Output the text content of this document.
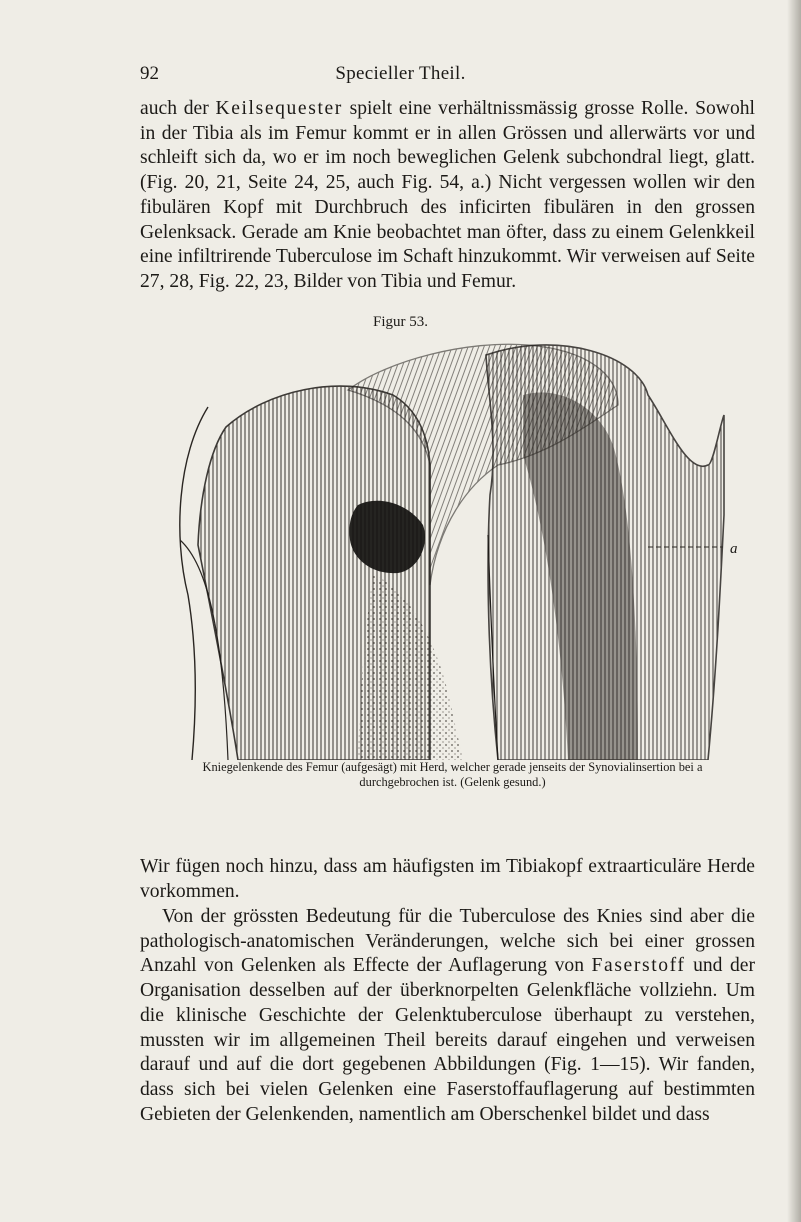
92	Specieller Theil.

auch der Keilsequester spielt eine verhältnissmässig grosse Rolle. Sowohl in der Tibia als im Femur kommt er in allen Grössen und allerwärts vor und schleift sich da, wo er im noch beweglichen Gelenk subchondral liegt, glatt. (Fig. 20, 21, Seite 24, 25, auch Fig. 54, a.) Nicht vergessen wollen wir den fibulären Kopf mit Durchbruch des inficirten fibulären in den grossen Gelenksack. Gerade am Knie beobachtet man öfter, dass zu einem Gelenkkeil eine infiltrirende Tuberculose im Schaft hinzukommt. Wir verweisen auf Seite 27, 28, Fig. 22, 23, Bilder von Tibia und Femur.

Figur 53.
a

Kniegelenkende des Femur (aufgesägt) mit Herd, welcher gerade jenseits der Synovialinsertion bei a durchgebrochen ist. (Gelenk gesund.)

Wir fügen noch hinzu, dass am häufigsten im Tibiakopf extraarticuläre Herde vorkommen.

Von der grössten Bedeutung für die Tuberculose des Knies sind aber die pathologisch-anatomischen Veränderungen, welche sich bei einer grossen Anzahl von Gelenken als Effecte der Auflagerung von Faserstoff und der Organisation desselben auf der überknorpelten Gelenkfläche vollziehn. Um die klinische Geschichte der Gelenktuberculose überhaupt zu verstehen, mussten wir im allgemeinen Theil bereits darauf eingehen und verweisen darauf und auf die dort gegebenen Abbildungen (Fig. 1—15). Wir fanden, dass sich bei vielen Gelenken eine Faserstoffauflagerung auf bestimmten Gebieten der Gelenkenden, namentlich am Oberschenkel bildet und dass
